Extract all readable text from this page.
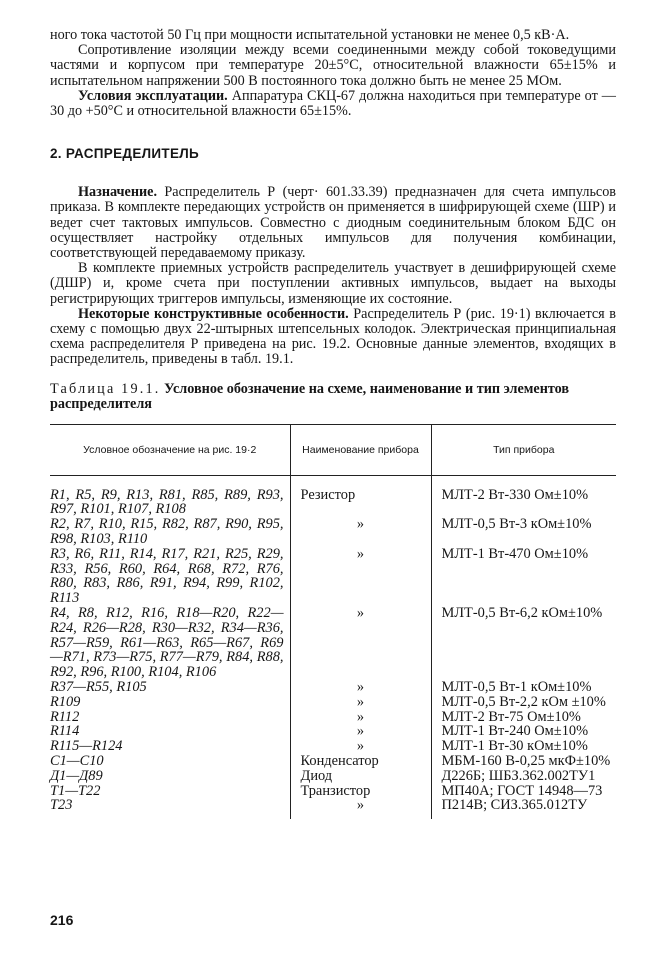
ного тока частотой 50 Гц при мощности испытательной установки не менее 0,5 кВ·А.

Сопротивление изоляции между всеми соединенными между собой токоведущими частями и корпусом при температуре 20±5°С, относительной влажности 65±15% и испытательном напряжении 500 В постоянного тока должно быть не менее 25 МОм.

Условия эксплуатации. Аппаратура СКЦ-67 должна находиться при температуре от —30 до +50°С и относительной влажности 65±15%.

2. РАСПРЕДЕЛИТЕЛЬ

Назначение. Распределитель Р (черт· 601.33.39) предназначен для счета импульсов приказа. В комплекте передающих устройств он применяется в шифрирующей схеме (ШР) и ведет счет тактовых импульсов. Совместно с диодным соединительным блоком БДС он осуществляет настройку отдельных импульсов для получения комбинации, соответствующей передаваемому приказу.

В комплекте приемных устройств распределитель участвует в дешифрирующей схеме (ДШР) и, кроме счета при поступлении активных импульсов, выдает на выходы регистрирующих триггеров импульсы, изменяющие их состояние.

Некоторые конструктивные особенности. Распределитель Р (рис. 19·1) включается в схему с помощью двух 22-штырных штепсельных колодок. Электрическая принципиальная схема распределителя Р приведена на рис. 19.2. Основные данные элементов, входящих в распределитель, приведены в табл. 19.1.

Таблица 19.1. Условное обозначение на схеме, наименование и тип элементов распределителя
Условное обозначение на рис. 19·2	Наименование прибора	Тип прибора
R1, R5, R9, R13, R81, R85, R89, R93, R97, R101, R107, R108	Резистор	МЛТ-2 Вт-330 Ом±10%
R2, R7, R10, R15, R82, R87, R90, R95, R98, R103, R110	»	МЛТ-0,5 Вт-3 кОм±10%
R3, R6, R11, R14, R17, R21, R25, R29, R33, R56, R60, R64, R68, R72, R76, R80, R83, R86, R91, R94, R99, R102, R113	»	МЛТ-1 Вт-470 Ом±10%
R4, R8, R12, R16, R18—R20, R22—R24, R26—R28, R30—R32, R34—R36, R57—R59, R61—R63, R65—R67, R69—R71, R73—R75, R77—R79, R84, R88, R92, R96, R100, R104, R106	»	МЛТ-0,5 Вт-6,2 кОм±10%
R37—R55, R105	»	МЛТ-0,5 Вт-1 кОм±10%
R109	»	МЛТ-0,5 Вт-2,2 кОм ±10%
R112	»	МЛТ-2 Вт-75 Ом±10%
R114	»	МЛТ-1 Вт-240 Ом±10%
R115—R124	»	МЛТ-1 Вт-30 кОм±10%
C1—C10	Конденсатор	МБМ-160 В-0,25 мкФ±10%
Д1—Д89	Диод	Д226Б; ШБЗ.362.002ТУ1
T1—T22	Транзистор	МП40А; ГОСТ 14948—73
T23	»	П214В; СИЗ.365.012ТУ

216
